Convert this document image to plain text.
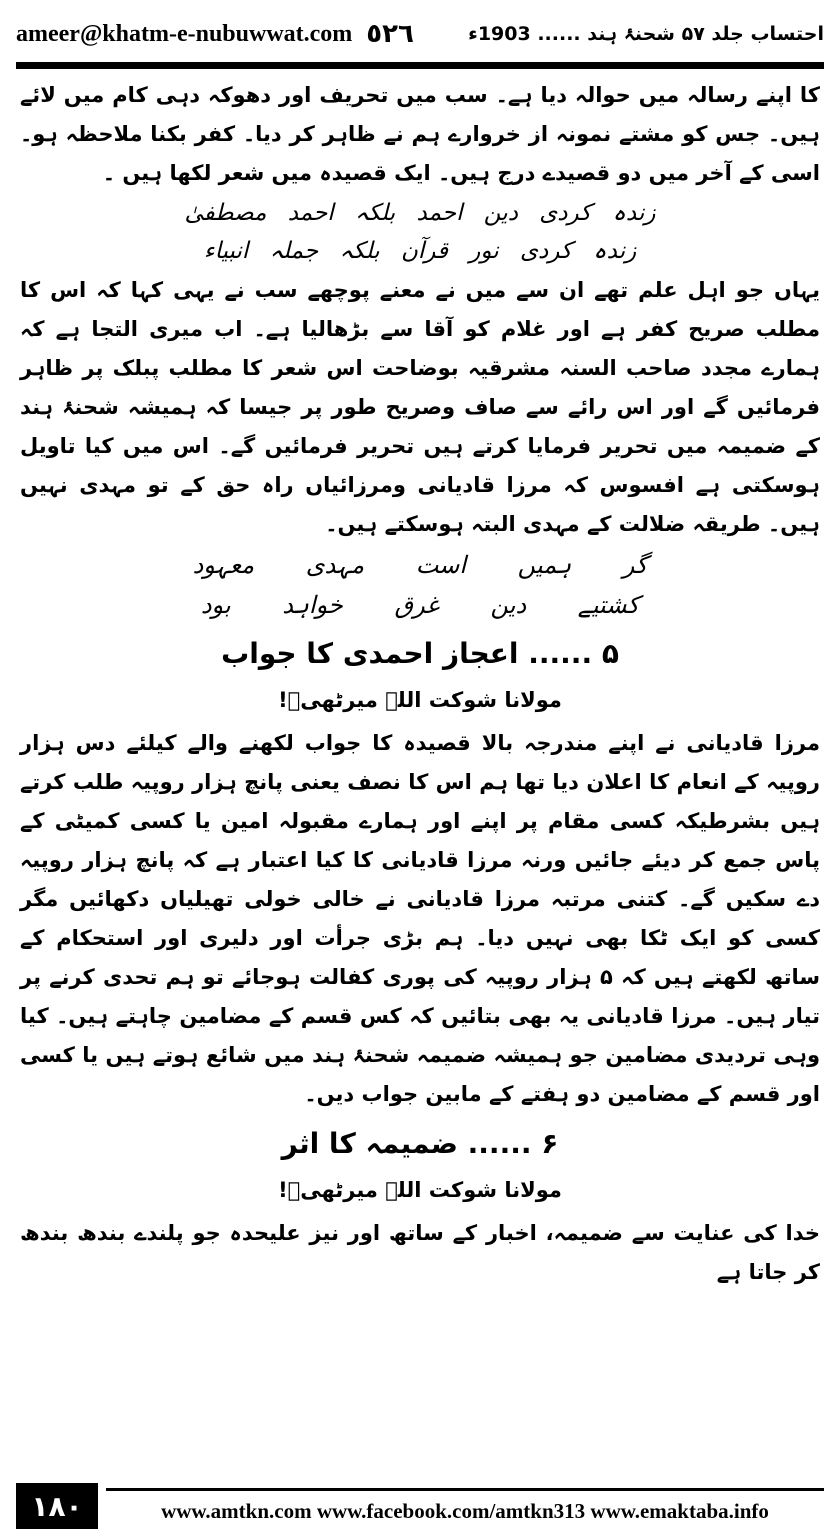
ameer@khatm-e-nubuwwat.com ٥٢٦	احتساب جلد ۵۷ شحنۂ ہند ...... 1903ء

کا اپنے رسالہ میں حوالہ دیا ہے۔ سب میں تحریف اور دھوکہ دہی کام میں لائے ہیں۔ جس کو مشتے نمونہ از خروارے ہم نے ظاہر کر دیا۔ کفر بکنا ملاحظہ ہو۔ اسی کے آخر میں دو قصیدے درج ہیں۔ ایک قصیدہ میں شعر لکھا ہیں ۔

زندہ کردی دین احمد بلکہ احمد مصطفیٰ
زندہ کردی نور قرآن بلکہ جملہ انبیاء

یہاں جو اہل علم تھے ان سے میں نے معنے پوچھے سب نے یہی کہا کہ اس کا مطلب صریح کفر ہے اور غلام کو آقا سے بڑھالیا ہے۔ اب میری التجا ہے کہ ہمارے مجدد صاحب السنہ مشرقیہ بوضاحت اس شعر کا مطلب پبلک پر ظاہر فرمائیں گے اور اس رائے سے صاف وصریح طور پر جیسا کہ ہمیشہ شحنۂ ہند کے ضمیمہ میں تحریر فرمایا کرتے ہیں تحریر فرمائیں گے۔ اس میں کیا تاویل ہوسکتی ہے افسوس کہ مرزا قادیانی ومرزائیاں راہ حق کے تو مہدی نہیں ہیں۔ طریقہ ضلالت کے مہدی البتہ ہوسکتے ہیں۔

گر ہمیں است مہدی معہود
کشتیے دین غرق خواہد بود
۵ ...... اعجاز احمدی کا جواب
مولانا شوکت اللہ میرٹھیؒ!

مرزا قادیانی نے اپنے مندرجہ بالا قصیدہ کا جواب لکھنے والے کیلئے دس ہزار روپیہ کے انعام کا اعلان دیا تھا ہم اس کا نصف یعنی پانچ ہزار روپیہ طلب کرتے ہیں بشرطیکہ کسی مقام پر اپنے اور ہمارے مقبولہ امین یا کسی کمیٹی کے پاس جمع کر دیئے جائیں ورنہ مرزا قادیانی کا کیا اعتبار ہے کہ پانچ ہزار روپیہ دے سکیں گے۔ کتنی مرتبہ مرزا قادیانی نے خالی خولی تھیلیاں دکھائیں مگر کسی کو ایک ٹکا بھی نہیں دیا۔ ہم بڑی جرأت اور دلیری اور استحکام کے ساتھ لکھتے ہیں کہ ۵ ہزار روپیہ کی پوری کفالت ہوجائے تو ہم تحدی کرنے پر تیار ہیں۔ مرزا قادیانی یہ بھی بتائیں کہ کس قسم کے مضامین چاہتے ہیں۔ کیا وہی تردیدی مضامین جو ہمیشہ ضمیمہ شحنۂ ہند میں شائع ہوتے ہیں یا کسی اور قسم کے مضامین دو ہفتے کے مابین جواب دیں۔

۶ ...... ضمیمہ کا اثر
مولانا شوکت اللہ میرٹھیؒ!

خدا کی عنایت سے ضمیمہ، اخبار کے ساتھ اور نیز علیحدہ جو پلندے بندھ بندھ کر جاتا ہے

۱۸۰	www.amtkn.com www.facebook.com/amtkn313 www.emaktaba.info
